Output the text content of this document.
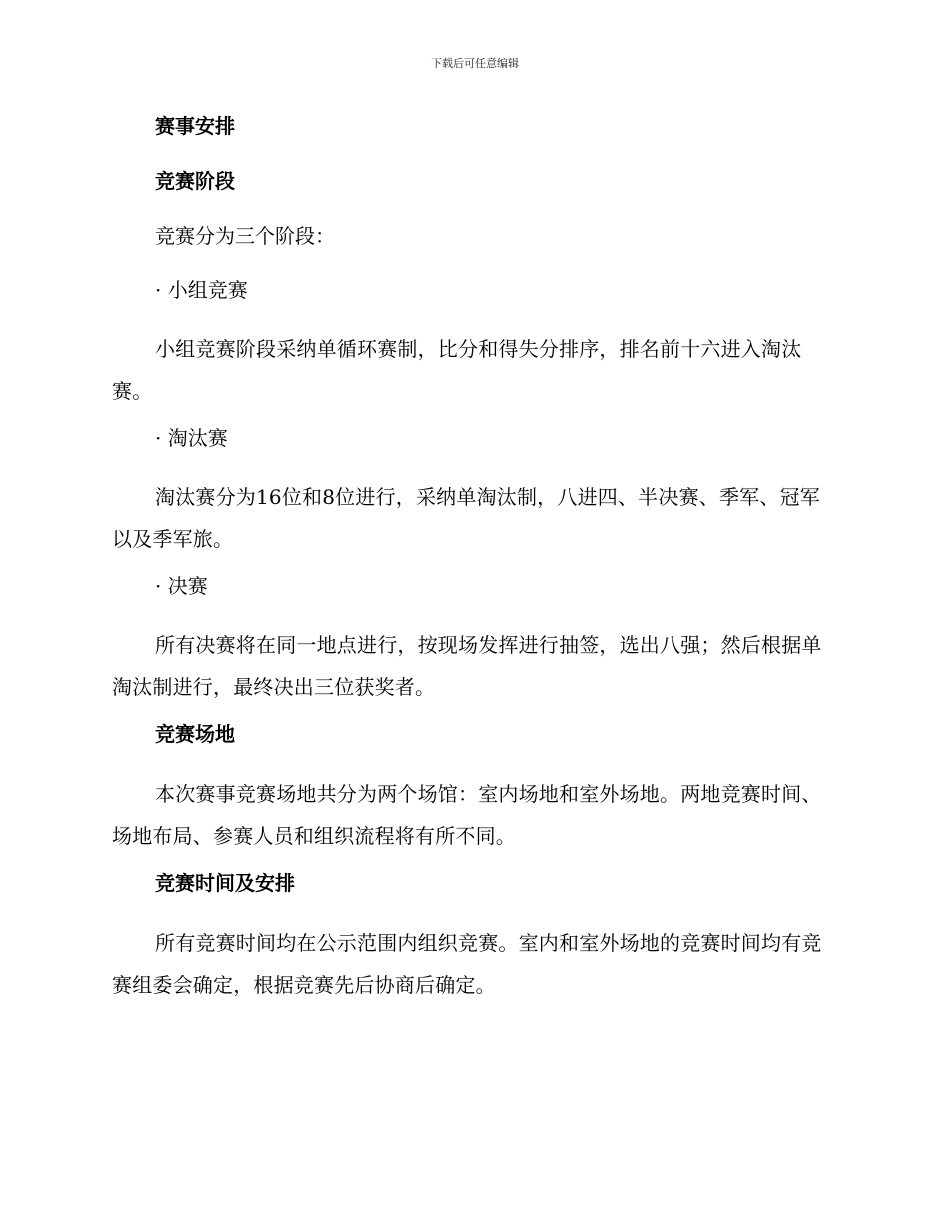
下载后可任意编辑
赛事安排
竞赛阶段
竞赛分为三个阶段：
· 小组竞赛
小组竞赛阶段采纳单循环赛制，比分和得失分排序，排名前十六进入淘汰赛。
· 淘汰赛
淘汰赛分为16位和8位进行，采纳单淘汰制，八进四、半决赛、季军、冠军以及季军旅。
· 决赛
所有决赛将在同一地点进行，按现场发挥进行抽签，选出八强；然后根据单淘汰制进行，最终决出三位获奖者。
竞赛场地
本次赛事竞赛场地共分为两个场馆：室内场地和室外场地。两地竞赛时间、场地布局、参赛人员和组织流程将有所不同。
竞赛时间及安排
所有竞赛时间均在公示范围内组织竞赛。室内和室外场地的竞赛时间均有竞赛组委会确定，根据竞赛先后协商后确定。
